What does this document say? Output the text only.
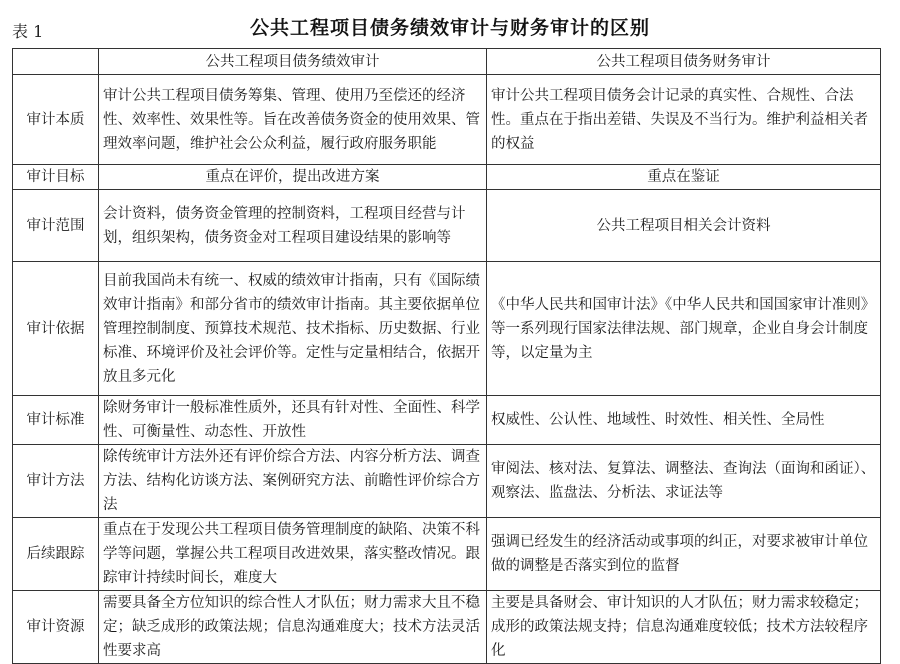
表 1	公共工程项目债务绩效审计与财务审计的区别
	公共工程项目债务绩效审计	公共工程项目债务财务审计
审计本质	审计公共工程项目债务筹集、管理、使用乃至偿还的经济性、效率性、效果性等。旨在改善债务资金的使用效果、管理效率问题，维护社会公众利益，履行政府服务职能	审计公共工程项目债务会计记录的真实性、合规性、合法性。重点在于指出差错、失误及不当行为。维护利益相关者的权益
审计目标	重点在评价，提出改进方案	重点在鉴证
审计范围	会计资料，债务资金管理的控制资料，工程项目经营与计划，组织架构，债务资金对工程项目建设结果的影响等	公共工程项目相关会计资料
审计依据	目前我国尚未有统一、权威的绩效审计指南，只有《国际绩效审计指南》和部分省市的绩效审计指南。其主要依据单位管理控制制度、预算技术规范、技术指标、历史数据、行业标准、环境评价及社会评价等。定性与定量相结合，依据开放且多元化	《中华人民共和国审计法》《中华人民共和国国家审计准则》等一系列现行国家法律法规、部门规章，企业自身会计制度等，以定量为主
审计标准	除财务审计一般标准性质外，还具有针对性、全面性、科学性、可衡量性、动态性、开放性	权威性、公认性、地域性、时效性、相关性、全局性
审计方法	除传统审计方法外还有评价综合方法、内容分析方法、调查方法、结构化访谈方法、案例研究方法、前瞻性评价综合方法	审阅法、核对法、复算法、调整法、查询法（面询和函证）、观察法、监盘法、分析法、求证法等
后续跟踪	重点在于发现公共工程项目债务管理制度的缺陷、决策不科学等问题，掌握公共工程项目改进效果，落实整改情况。跟踪审计持续时间长，难度大	强调已经发生的经济活动或事项的纠正，对要求被审计单位做的调整是否落实到位的监督
审计资源	需要具备全方位知识的综合性人才队伍；财力需求大且不稳定；缺乏成形的政策法规；信息沟通难度大；技术方法灵活性要求高	主要是具备财会、审计知识的人才队伍；财力需求较稳定；成形的政策法规支持；信息沟通难度较低；技术方法较程序化
